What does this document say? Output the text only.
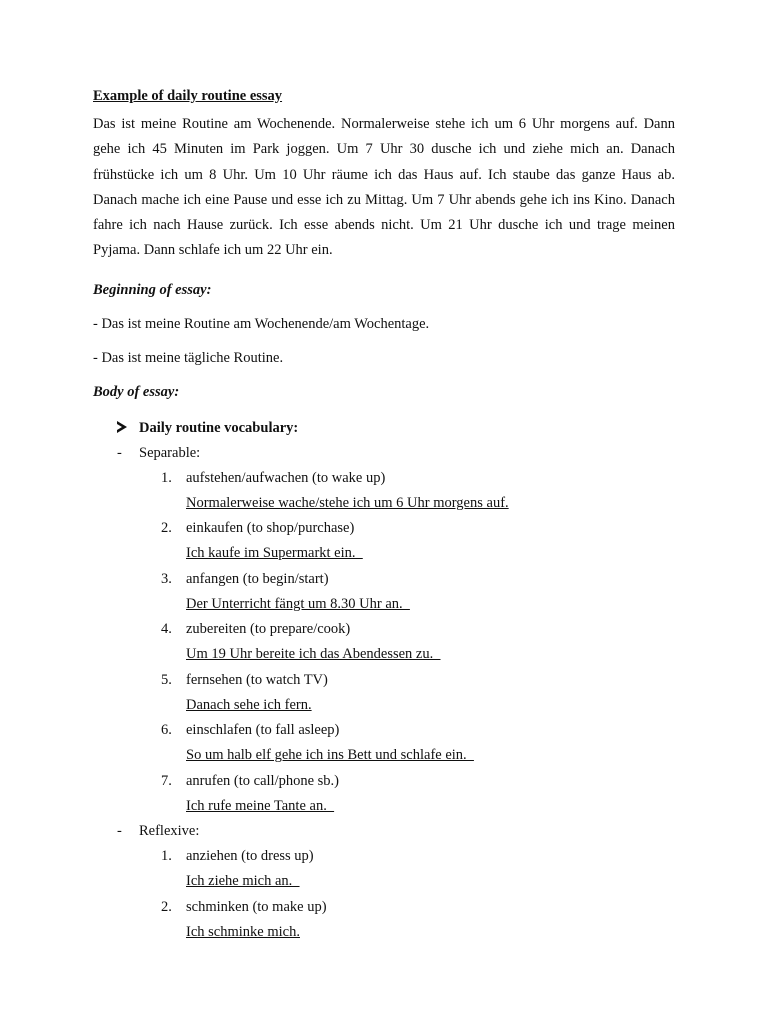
Example of daily routine essay
Das ist meine Routine am Wochenende. Normalerweise stehe ich um 6 Uhr morgens auf. Dann gehe ich 45 Minuten im Park joggen. Um 7 Uhr 30 dusche ich und ziehe mich an. Danach frühstücke ich um 8 Uhr. Um 10 Uhr räume ich das Haus auf. Ich staube das ganze Haus ab. Danach mache ich eine Pause und esse ich zu Mittag. Um 7 Uhr abends gehe ich ins Kino. Danach fahre ich nach Hause zurück. Ich esse abends nicht. Um 21 Uhr dusche ich und trage meinen Pyjama. Dann schlafe ich um 22 Uhr ein.
Beginning of essay:
- Das ist meine Routine am Wochenende/am Wochentage.
- Das ist meine tägliche Routine.
Body of essay:
Daily routine vocabulary:
- Separable:
1. aufstehen/aufwachen (to wake up)
Normalerweise wache/stehe ich um 6 Uhr morgens auf.
2. einkaufen (to shop/purchase)
Ich kaufe im Supermarkt ein.
3. anfangen (to begin/start)
Der Unterricht fängt um 8.30 Uhr an.
4. zubereiten (to prepare/cook)
Um 19 Uhr bereite ich das Abendessen zu.
5. fernsehen (to watch TV)
Danach sehe ich fern.
6. einschlafen (to fall asleep)
So um halb elf gehe ich ins Bett und schlafe ein.
7. anrufen (to call/phone sb.)
Ich rufe meine Tante an.
- Reflexive:
1. anziehen (to dress up)
Ich ziehe mich an.
2. schminken (to make up)
Ich schminke mich.
